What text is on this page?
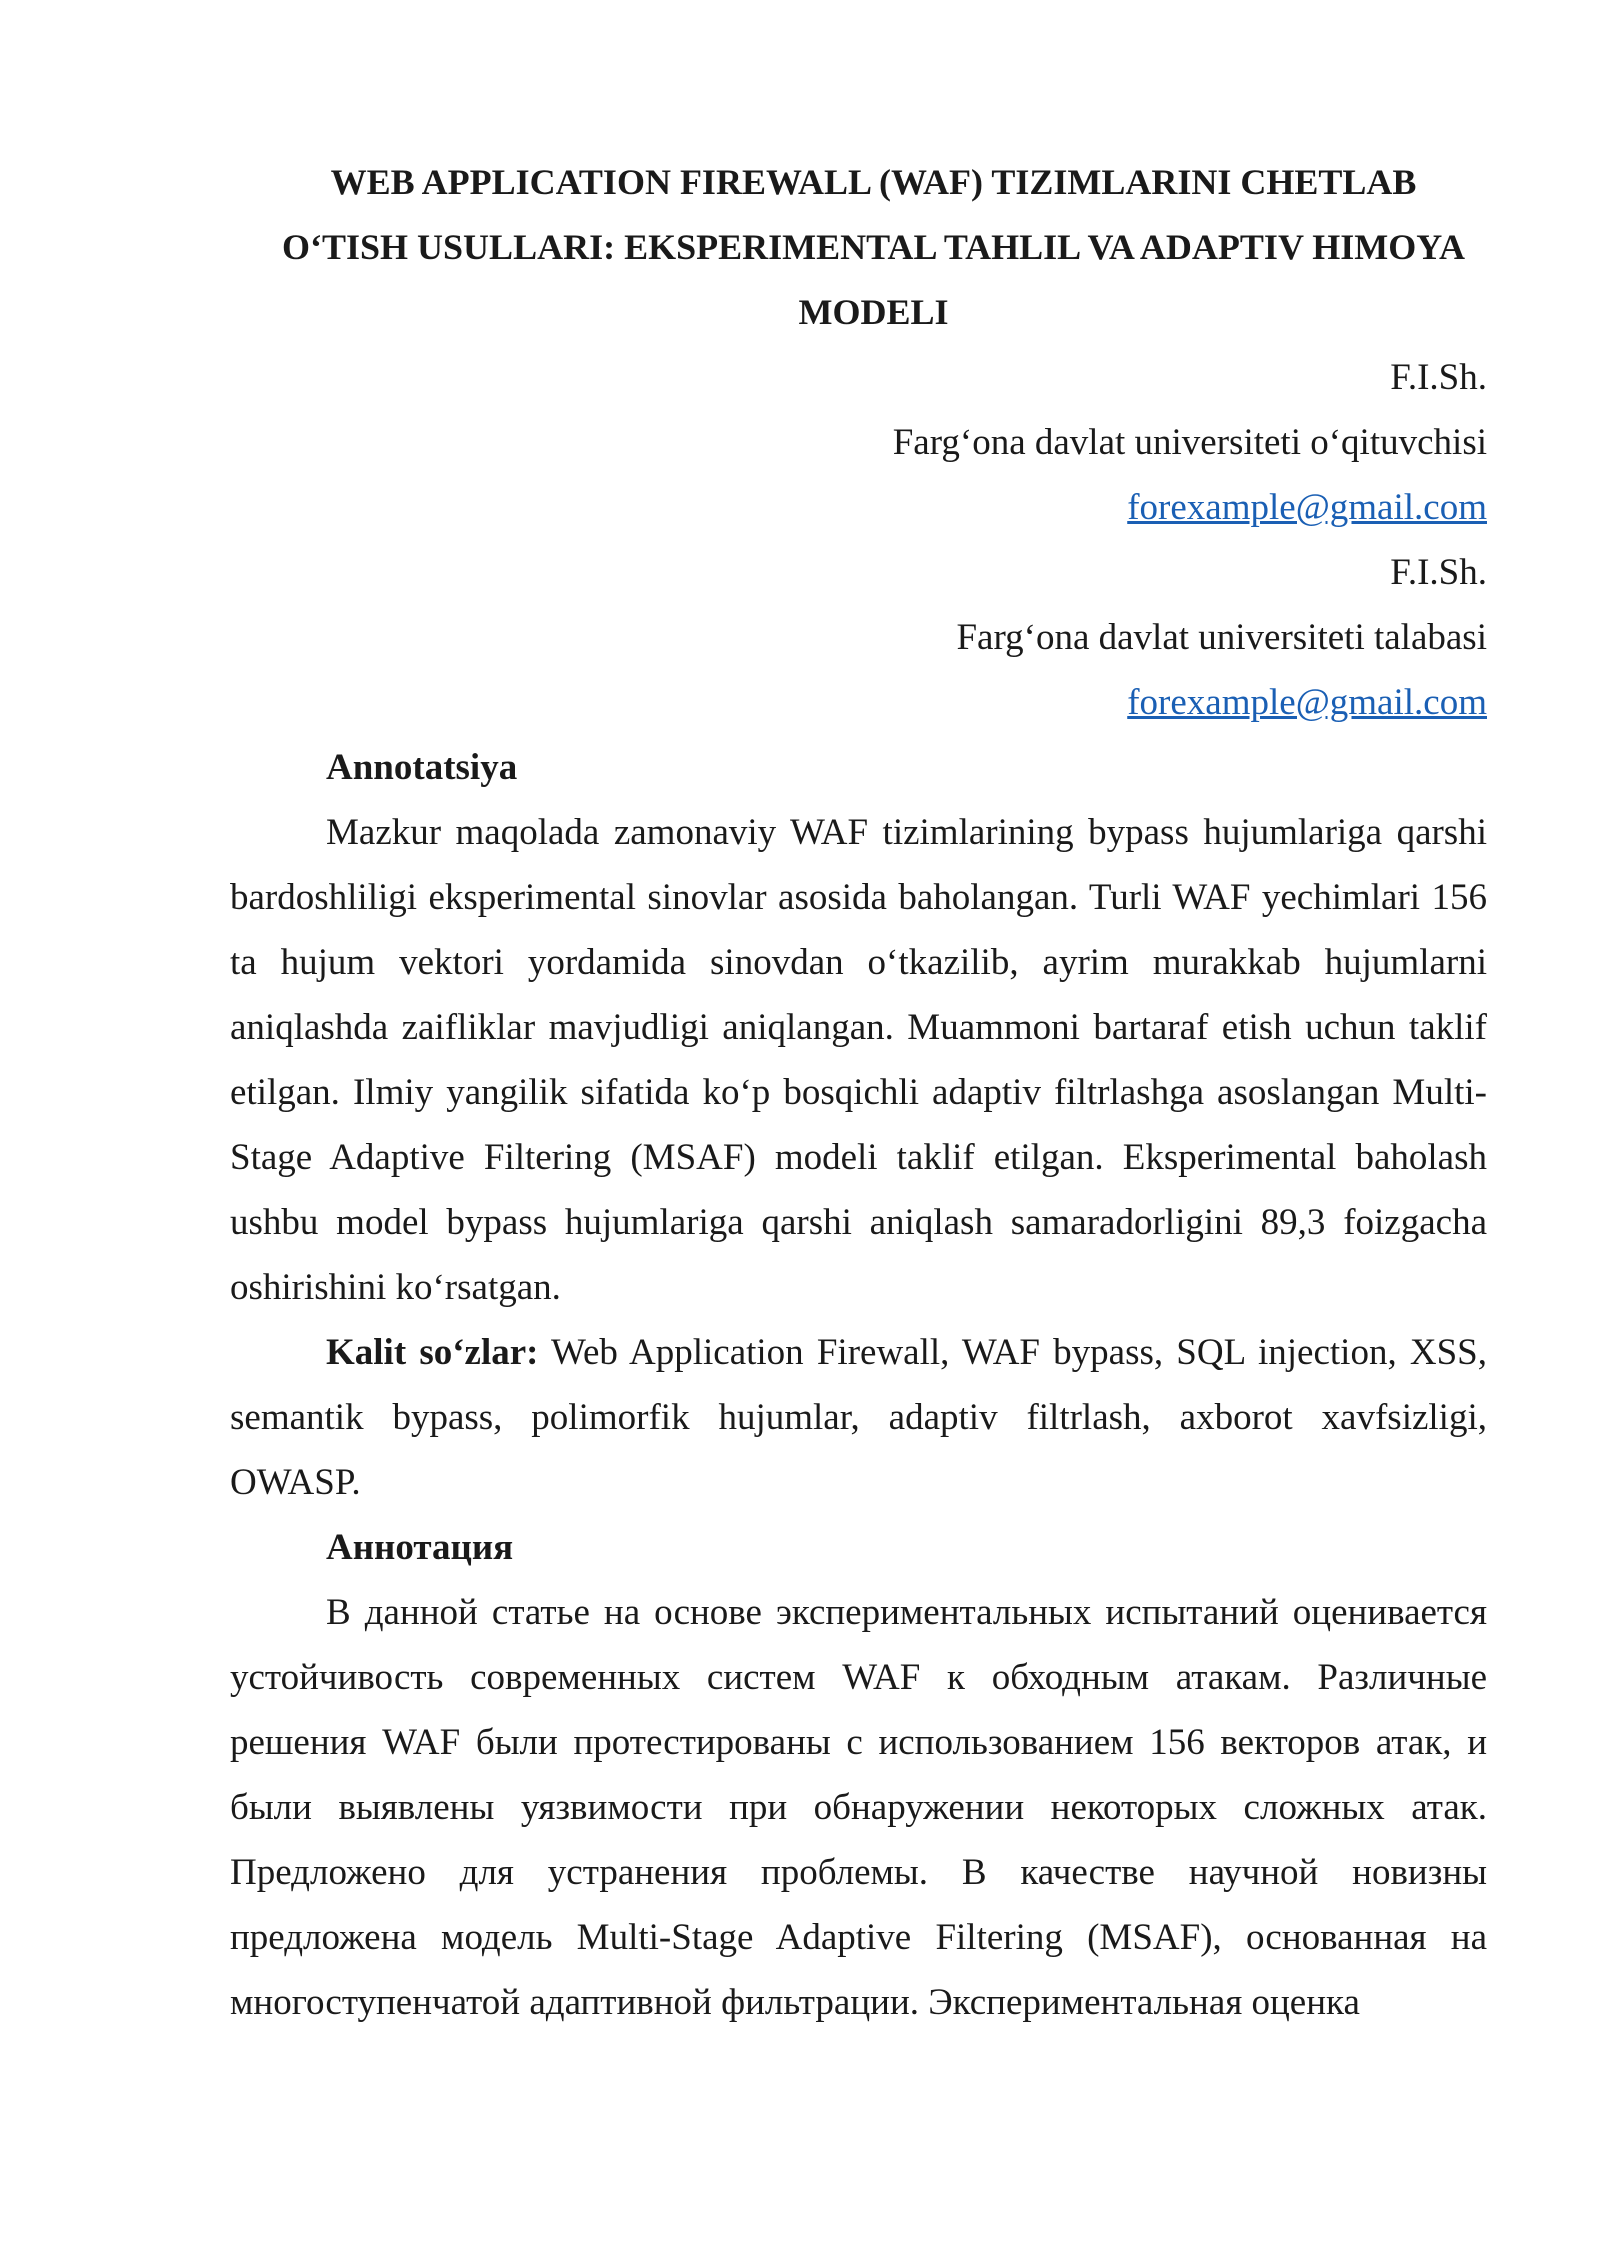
WEB APPLICATION FIREWALL (WAF) TIZIMLARINI CHETLAB
O‘TISH USULLARI: EKSPERIMENTAL TAHLIL VA ADAPTIV HIMOYA
MODELI
F.I.Sh.
Farg‘ona davlat universiteti o‘qituvchisi
forexample@gmail.com
F.I.Sh.
Farg‘ona davlat universiteti talabasi
forexample@gmail.com
Annotatsiya

Mazkur maqolada zamonaviy WAF tizimlarining bypass hujumlariga qarshi bardoshliligi eksperimental sinovlar asosida baholangan. Turli WAF yechimlari 156 ta hujum vektori yordamida sinovdan o‘tkazilib, ayrim murakkab hujumlarni aniqlashda zaifliklar mavjudligi aniqlangan. Muammoni bartaraf etish uchun taklif etilgan. Ilmiy yangilik sifatida ko‘p bosqichli adaptiv filtrlashga asoslangan Multi-Stage Adaptive Filtering (MSAF) modeli taklif etilgan. Eksperimental baholash ushbu model bypass hujumlariga qarshi aniqlash samaradorligini 89,3 foizgacha oshirishini ko‘rsatgan.

Kalit so‘zlar: Web Application Firewall, WAF bypass, SQL injection, XSS, semantik bypass, polimorfik hujumlar, adaptiv filtrlash, axborot xavfsizligi, OWASP.

Аннотация

В данной статье на основе экспериментальных испытаний оценивается устойчивость современных систем WAF к обходным атакам. Различные решения WAF были протестированы с использованием 156 векторов атак, и были выявлены уязвимости при обнаружении некоторых сложных атак. Предложено для устранения проблемы. В качестве научной новизны предложена модель Multi-Stage Adaptive Filtering (MSAF), основанная на многоступенчатой адаптивной фильтрации. Экспериментальная оценка
